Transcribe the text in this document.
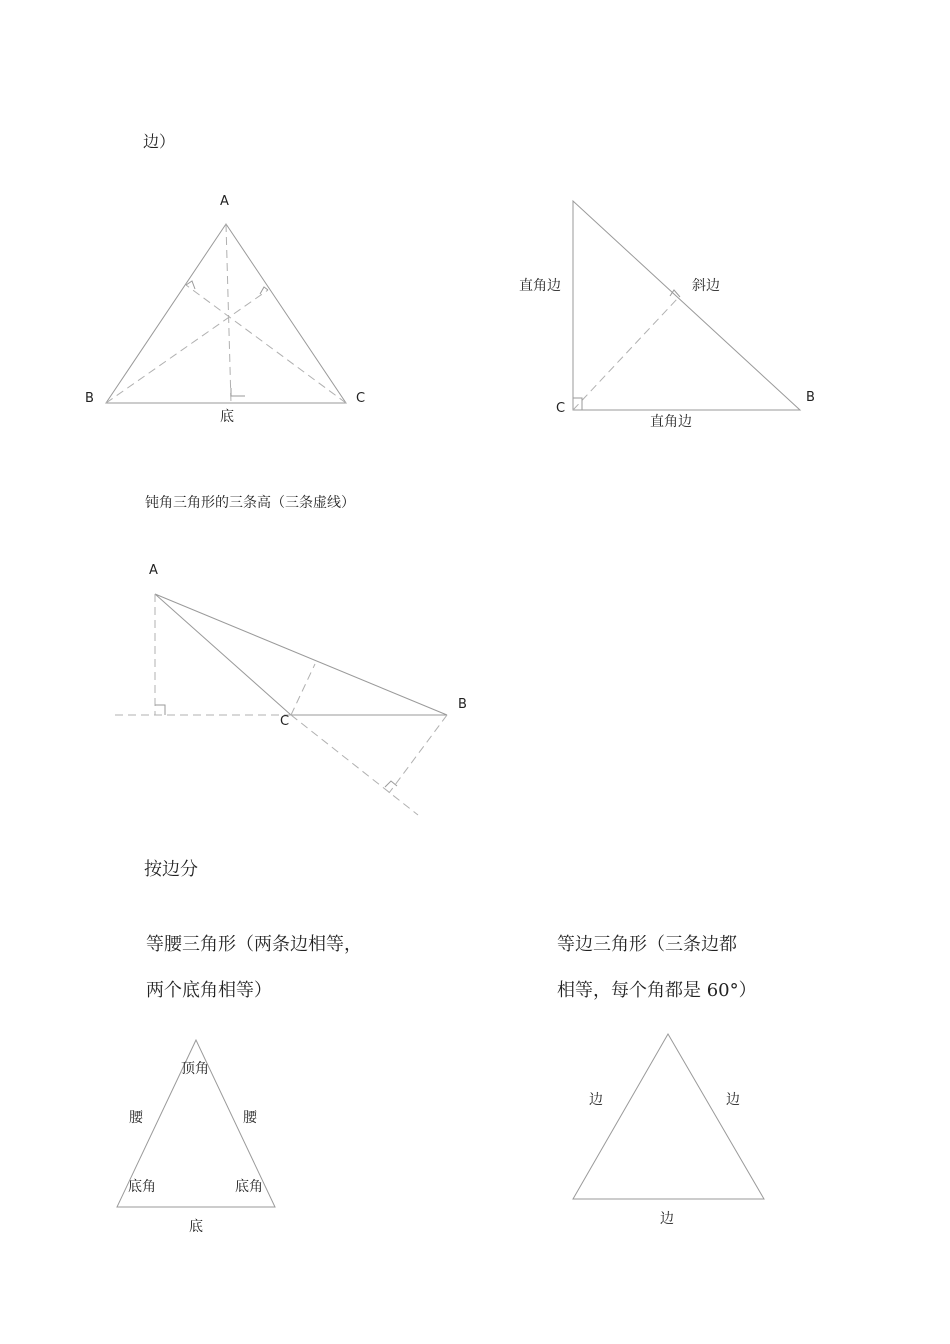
边）
A
B	C
底
直角边	斜边
C
B
直角边
钝角三角形的三条高（三条虚线）
A
B
C
按边分
等腰三角形（两条边相等，
两个底角相等）
等边三角形（三条边都
相等，每个角都是 60°）
顶角
腰	腰
底角	底角
底
边	边
边
